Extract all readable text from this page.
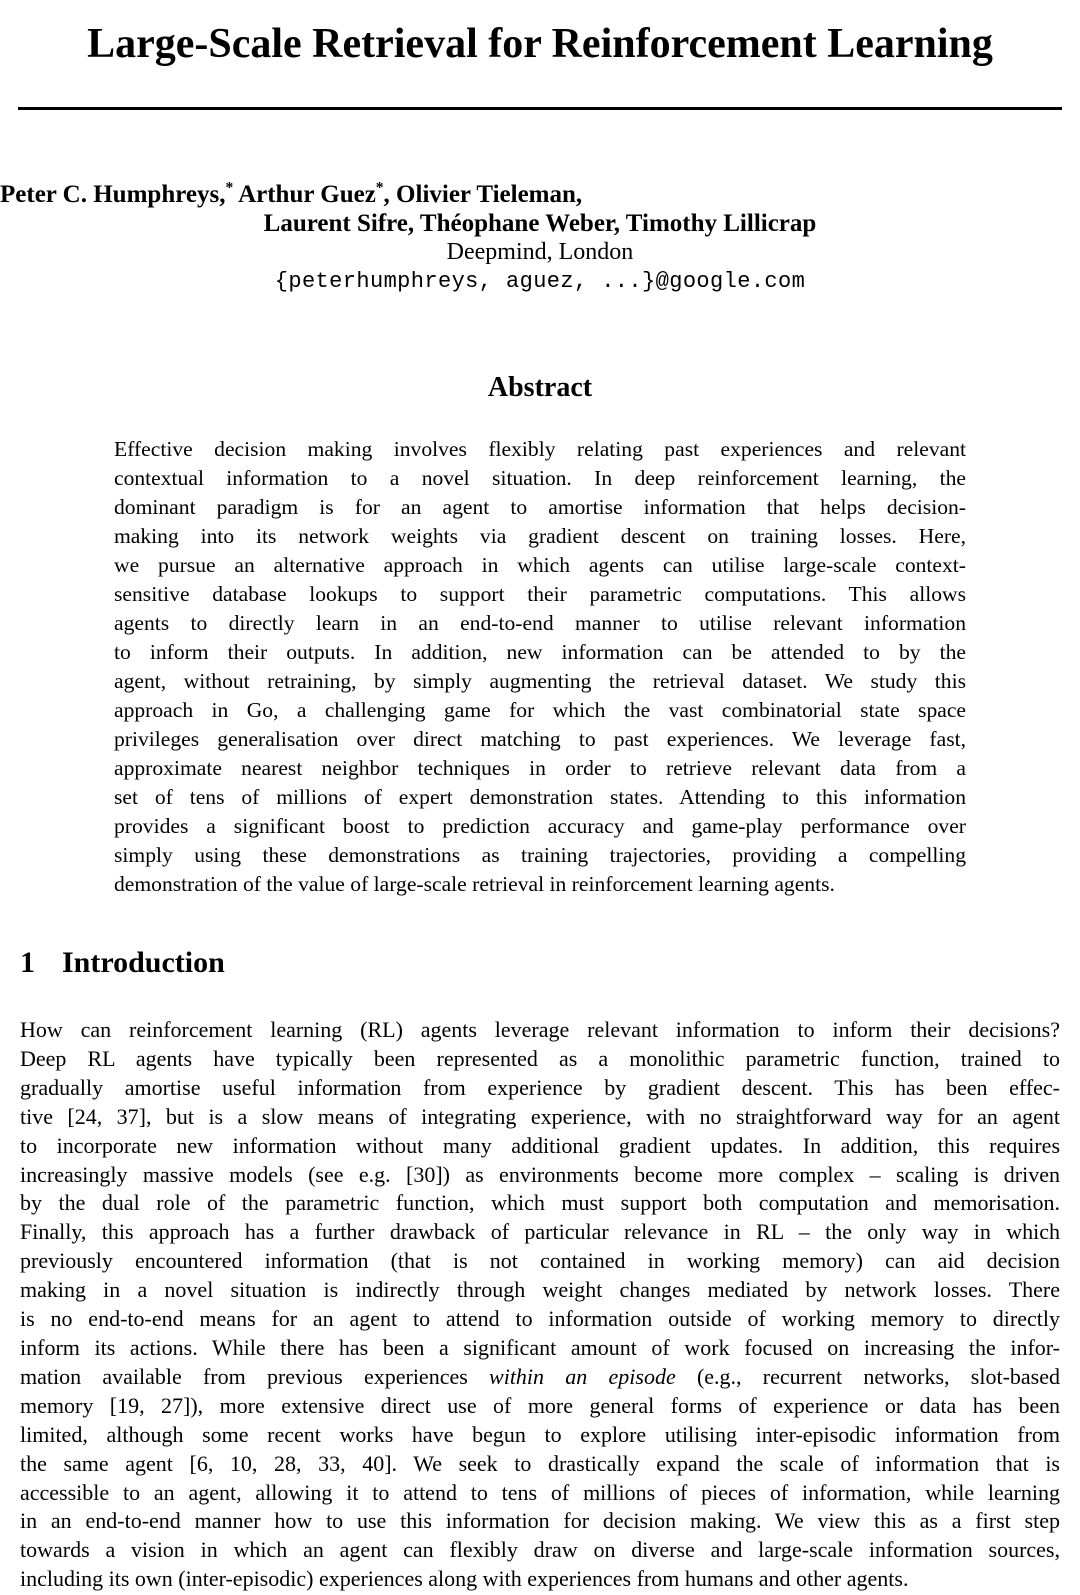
Large-Scale Retrieval for Reinforcement Learning
Peter C. Humphreys,* Arthur Guez*, Olivier Tieleman,
Laurent Sifre, Théophane Weber, Timothy Lillicrap
Deepmind, London
{peterhumphreys, aguez, ...}@google.com
Abstract
Effective decision making involves flexibly relating past experiences and relevant
contextual information to a novel situation. In deep reinforcement learning, the
dominant paradigm is for an agent to amortise information that helps decision-
making into its network weights via gradient descent on training losses. Here,
we pursue an alternative approach in which agents can utilise large-scale context-
sensitive database lookups to support their parametric computations. This allows
agents to directly learn in an end-to-end manner to utilise relevant information
to inform their outputs. In addition, new information can be attended to by the
agent, without retraining, by simply augmenting the retrieval dataset. We study this
approach in Go, a challenging game for which the vast combinatorial state space
privileges generalisation over direct matching to past experiences. We leverage fast,
approximate nearest neighbor techniques in order to retrieve relevant data from a
set of tens of millions of expert demonstration states. Attending to this information
provides a significant boost to prediction accuracy and game-play performance over
simply using these demonstrations as training trajectories, providing a compelling
demonstration of the value of large-scale retrieval in reinforcement learning agents.
1 Introduction
How can reinforcement learning (RL) agents leverage relevant information to inform their decisions?
Deep RL agents have typically been represented as a monolithic parametric function, trained to
gradually amortise useful information from experience by gradient descent. This has been effec-
tive [24, 37], but is a slow means of integrating experience, with no straightforward way for an agent
to incorporate new information without many additional gradient updates. In addition, this requires
increasingly massive models (see e.g. [30]) as environments become more complex – scaling is driven
by the dual role of the parametric function, which must support both computation and memorisation.
Finally, this approach has a further drawback of particular relevance in RL – the only way in which
previously encountered information (that is not contained in working memory) can aid decision
making in a novel situation is indirectly through weight changes mediated by network losses. There
is no end-to-end means for an agent to attend to information outside of working memory to directly
inform its actions. While there has been a significant amount of work focused on increasing the infor-
mation available from previous experiences within an episode (e.g., recurrent networks, slot-based
memory [19, 27]), more extensive direct use of more general forms of experience or data has been
limited, although some recent works have begun to explore utilising inter-episodic information from
the same agent [6, 10, 28, 33, 40]. We seek to drastically expand the scale of information that is
accessible to an agent, allowing it to attend to tens of millions of pieces of information, while learning
in an end-to-end manner how to use this information for decision making. We view this as a first step
towards a vision in which an agent can flexibly draw on diverse and large-scale information sources,
including its own (inter-episodic) experiences along with experiences from humans and other agents.
